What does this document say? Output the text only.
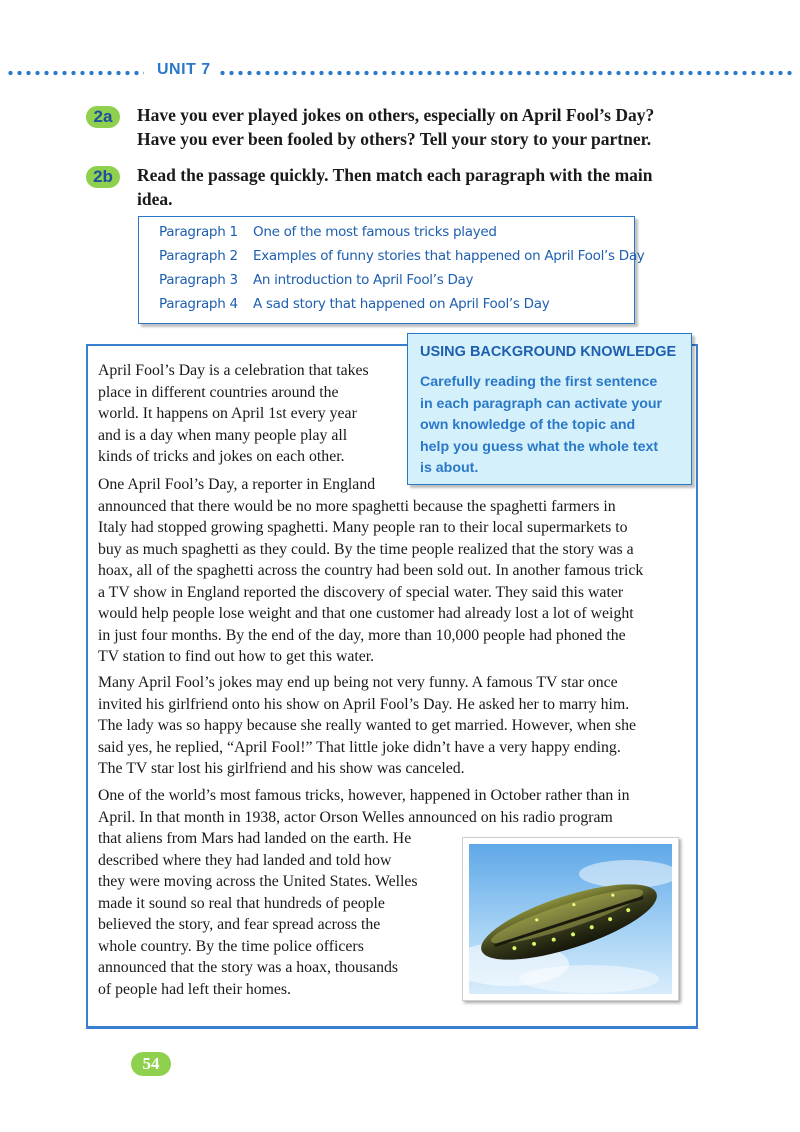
UNIT 7
2a	Have you ever played jokes on others, especially on April Fool’s Day?
Have you ever been fooled by others? Tell your story to your partner.
2b	Read the passage quickly. Then match each paragraph with the main
idea.
Paragraph 1 One of the most famous tricks played
Paragraph 2 Examples of funny stories that happened on April Fool’s Day
Paragraph 3 An introduction to April Fool’s Day
Paragraph 4 A sad story that happened on April Fool’s Day
April Fool’s Day is a celebration that takes
place in different countries around the
world. It happens on April 1st every year
and is a day when many people play all
kinds of tricks and jokes on each other.
One April Fool’s Day, a reporter in England
announced that there would be no more spaghetti because the spaghetti farmers in
Italy had stopped growing spaghetti. Many people ran to their local supermarkets to
buy as much spaghetti as they could. By the time people realized that the story was a
hoax, all of the spaghetti across the country had been sold out. In another famous trick
a TV show in England reported the discovery of special water. They said this water
would help people lose weight and that one customer had already lost a lot of weight
in just four months. By the end of the day, more than 10,000 people had phoned the
TV station to find out how to get this water.
Many April Fool’s jokes may end up being not very funny. A famous TV star once
invited his girlfriend onto his show on April Fool’s Day. He asked her to marry him.
The lady was so happy because she really wanted to get married. However, when she
said yes, he replied, “April Fool!” That little joke didn’t have a very happy ending.
The TV star lost his girlfriend and his show was canceled.
One of the world’s most famous tricks, however, happened in October rather than in
April. In that month in 1938, actor Orson Welles announced on his radio program
that aliens from Mars had landed on the earth. He
described where they had landed and told how
they were moving across the United States. Welles
made it sound so real that hundreds of people
believed the story, and fear spread across the
whole country. By the time police officers
announced that the story was a hoax, thousands
of people had left their homes.
USING BACKGROUND KNOWLEDGE
Carefully reading the first sentence
in each paragraph can activate your
own knowledge of the topic and
help you guess what the whole text
is about.
54
